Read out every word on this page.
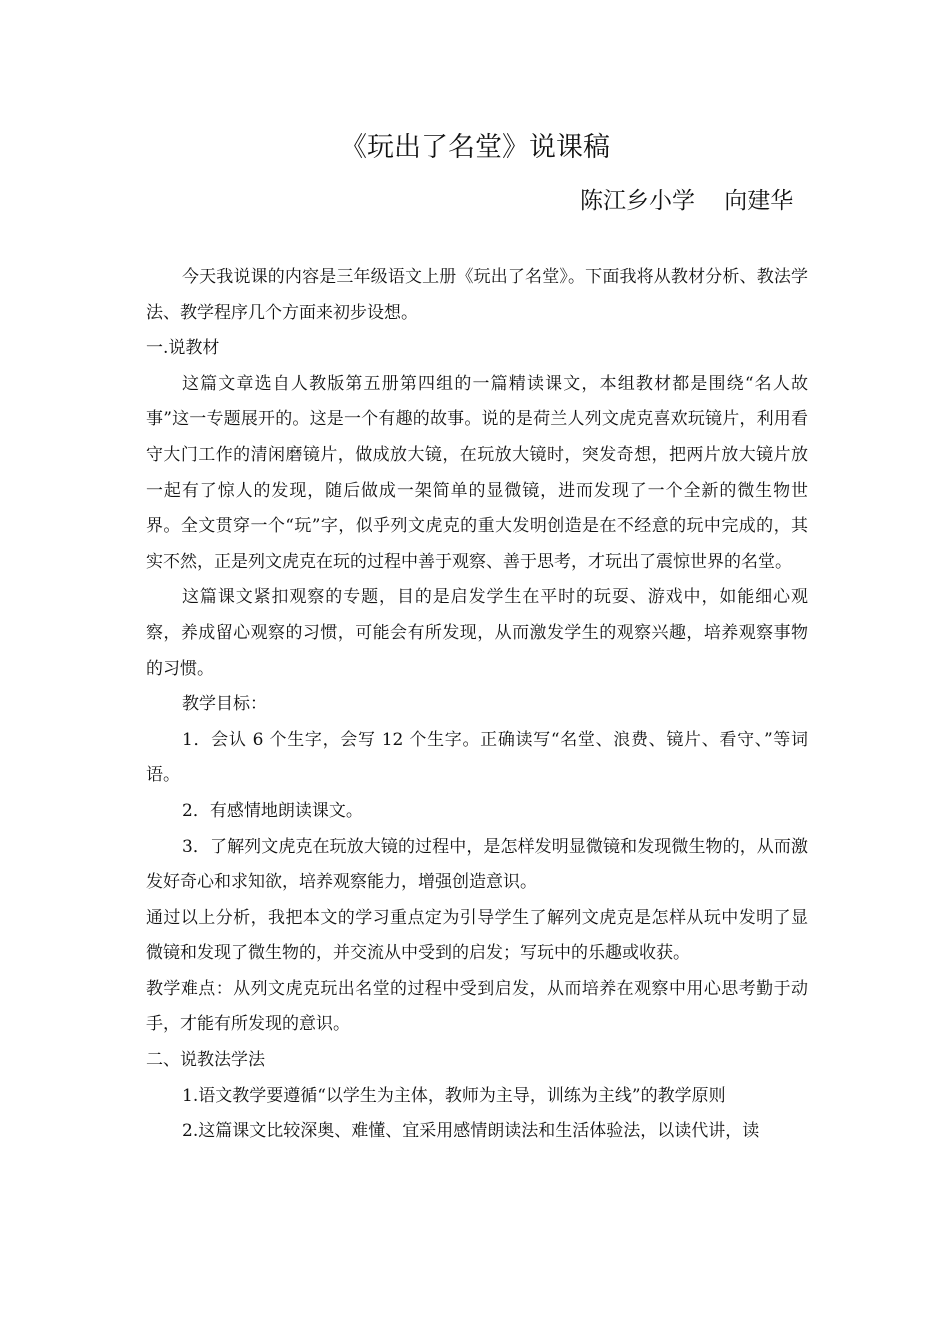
《玩出了名堂》说课稿
陈江乡小学    向建华

今天我说课的内容是三年级语文上册《玩出了名堂》。下面我将从教材分析、教法学法、教学程序几个方面来初步设想。

一.说教材

这篇文章选自人教版第五册第四组的一篇精读课文，本组教材都是围绕“名人故事”这一专题展开的。这是一个有趣的故事。说的是荷兰人列文虎克喜欢玩镜片，利用看守大门工作的清闲磨镜片，做成放大镜，在玩放大镜时，突发奇想，把两片放大镜片放一起有了惊人的发现，随后做成一架简单的显微镜，进而发现了一个全新的微生物世界。全文贯穿一个“玩”字，似乎列文虎克的重大发明创造是在不经意的玩中完成的，其实不然，正是列文虎克在玩的过程中善于观察、善于思考，才玩出了震惊世界的名堂。

这篇课文紧扣观察的专题，目的是启发学生在平时的玩耍、游戏中，如能细心观察，养成留心观察的习惯，可能会有所发现，从而激发学生的观察兴趣，培养观察事物的习惯。

教学目标：

1．会认 6 个生字，会写 12 个生字。正确读写“名堂、浪费、镜片、看守、”等词语。

2．有感情地朗读课文。

3．了解列文虎克在玩放大镜的过程中，是怎样发明显微镜和发现微生物的，从而激发好奇心和求知欲，培养观察能力，增强创造意识。

通过以上分析，我把本文的学习重点定为引导学生了解列文虎克是怎样从玩中发明了显微镜和发现了微生物的，并交流从中受到的启发；写玩中的乐趣或收获。

教学难点：从列文虎克玩出名堂的过程中受到启发，从而培养在观察中用心思考勤于动手，才能有所发现的意识。

二、说教法学法

1.语文教学要遵循“以学生为主体，教师为主导，训练为主线”的教学原则

2.这篇课文比较深奥、难懂、宜采用感情朗读法和生活体验法，以读代讲，读
